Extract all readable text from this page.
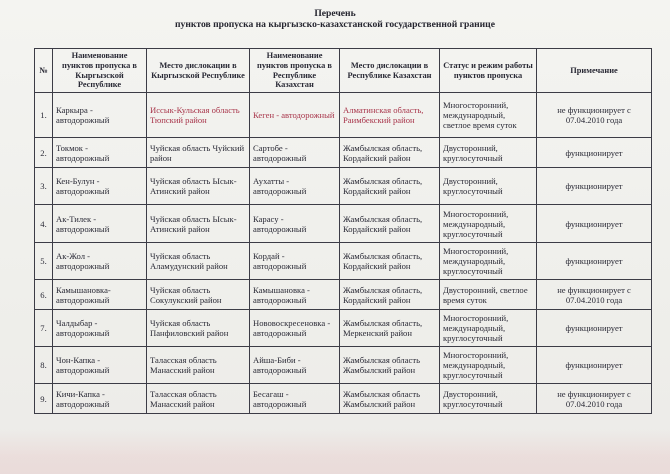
Перечень
пунктов пропуска на кыргызско-казахстанской государственной границе
№	Наименование пунктов пропуска в Кыргызской Республике	Место дислокации в Кыргызской Республике	Наименование пунктов пропуска в Республике Казахстан	Место дислокации в Республике Казахстан	Статус и режим работы пунктов пропуска	Примечание
1.	Каркыра - автодорожный	Иссык-Кульская область Тюпский район	Кеген - автодорожный	Алматинская область, Раимбекский район	Многосторонний, международный, светлое время суток	не функционирует с 07.04.2010 года
2.	Токмок - автодорожный	Чуйская область Чуйский район	Сартобе - автодорожный	Жамбылская область, Кордайский район	Двусторонний, круглосуточный	функционирует
3.	Кен-Булун - автодорожный	Чуйская область Ысык-Атинский район	Аухатты - автодорожный	Жамбылская область, Кордайский район	Двусторонний, круглосуточный	функционирует
4.	Ак-Тилек - автодорожный	Чуйская область Ысык-Атинский район	Карасу - автодорожный	Жамбылская область, Кордайский район	Многосторонний, международный, круглосуточный	функционирует
5.	Ак-Жол - автодорожный	Чуйская область Аламудунский район	Кордай - автодорожный	Жамбылская область, Кордайский район	Многосторонний, международный, круглосуточный	функционирует
6.	Камышановка- автодорожный	Чуйская область Сокулукский район	Камышановка - автодорожный	Жамбылская область, Кордайский район	Двусторонний, светлое время суток	не функционирует с 07.04.2010 года
7.	Чалдыбар - автодорожный	Чуйская область Панфиловский район	Нововоскресеновка - автодорожный	Жамбылская область, Меркенский район	Многосторонний, международный, круглосуточный	функционирует
8.	Чон-Капка - автодорожный	Таласская область Манасский район	Айша-Биби - автодорожный	Жамбылская область Жамбылский район	Многосторонний, международный, круглосуточный	функционирует
9.	Кичи-Капка - автодорожный	Таласская область Манасский район	Бесагаш - автодорожный	Жамбылская область Жамбылский район	Двусторонний, круглосуточный	не функционирует с 07.04.2010 года
